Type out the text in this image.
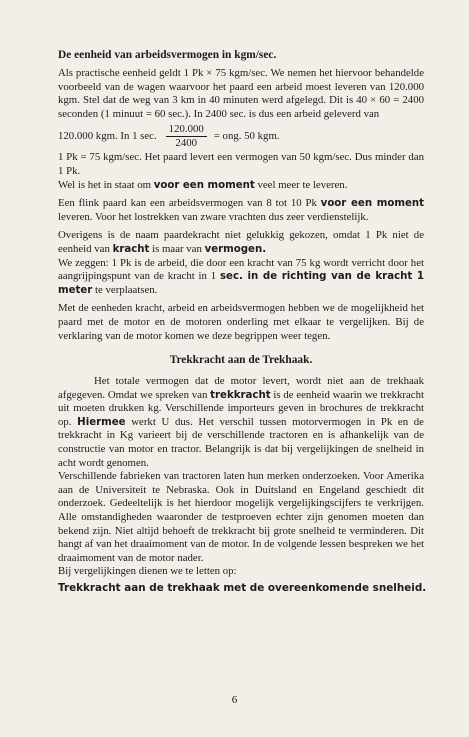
De eenheid van arbeidsvermogen in kgm/sec.

Als practische eenheid geldt 1 Pk × 75 kgm/sec. We nemen het hiervoor behandelde voorbeeld van de wagen waarvoor het paard een arbeid moest leveren van 120.000 kgm. Stel dat de weg van 3 km in 40 minuten werd afgelegd. Dit is 40 × 60 = 2400 seconden (1 minuut = 60 sec.). In 2400 sec. is dus een arbeid geleverd van

120.000 kgm. In 1 sec. $\frac{120.000}{2400}$ = ong. 50 kgm.

1 Pk = 75 kgm/sec. Het paard levert een vermogen van 50 kgm/sec. Dus minder dan 1 Pk.

Wel is het in staat om voor een moment veel meer te leveren.

Een flink paard kan een arbeidsvermogen van 8 tot 10 Pk voor een moment leveren. Voor het lostrekken van zware vrachten dus zeer verdienstelijk.

Overigens is de naam paardekracht niet gelukkig gekozen, omdat 1 Pk niet de eenheid van kracht is maar van vermogen.

We zeggen: 1 Pk is de arbeid, die door een kracht van 75 kg wordt verricht door het aangrijpingspunt van de kracht in 1 sec. in de richting van de kracht 1 meter te verplaatsen.

Met de eenheden kracht, arbeid en arbeidsvermogen hebben we de mogelijkheid het paard met de motor en de motoren onderling met elkaar te vergelijken. Bij de verklaring van de motor komen we deze begrippen weer tegen.

Trekkracht aan de Trekhaak.

Het totale vermogen dat de motor levert, wordt niet aan de trekhaak afgegeven. Omdat we spreken van trekkracht is de eenheid waarin we trekkracht uit moeten drukken kg. Verschillende importeurs geven in brochures de trekkracht op. Hiermee werkt U dus. Het verschil tussen motorvermogen in Pk en de trekkracht in Kg varieert bij de verschillende tractoren en is afhankelijk van de constructie van motor en tractor. Belangrijk is dat bij vergelijkingen de snelheid in acht wordt genomen.

Verschillende fabrieken van tractoren laten hun merken onderzoeken. Voor Amerika aan de Universiteit te Nebraska. Ook in Duitsland en Engeland geschiedt dit onderzoek. Gedeeltelijk is het hierdoor mogelijk vergelijkingscijfers te verkrijgen. Alle omstandigheden waaronder de testproeven echter zijn genomen moeten dan bekend zijn. Niet altijd behoeft de trekkracht bij grote snelheid te verminderen. Dit hangt af van het draaimoment van de motor. In de volgende lessen bespreken we het draaimoment van de motor nader.

Bij vergelijkingen dienen we te letten op:

Trekkracht aan de trekhaak met de overeenkomende snelheid.

6
